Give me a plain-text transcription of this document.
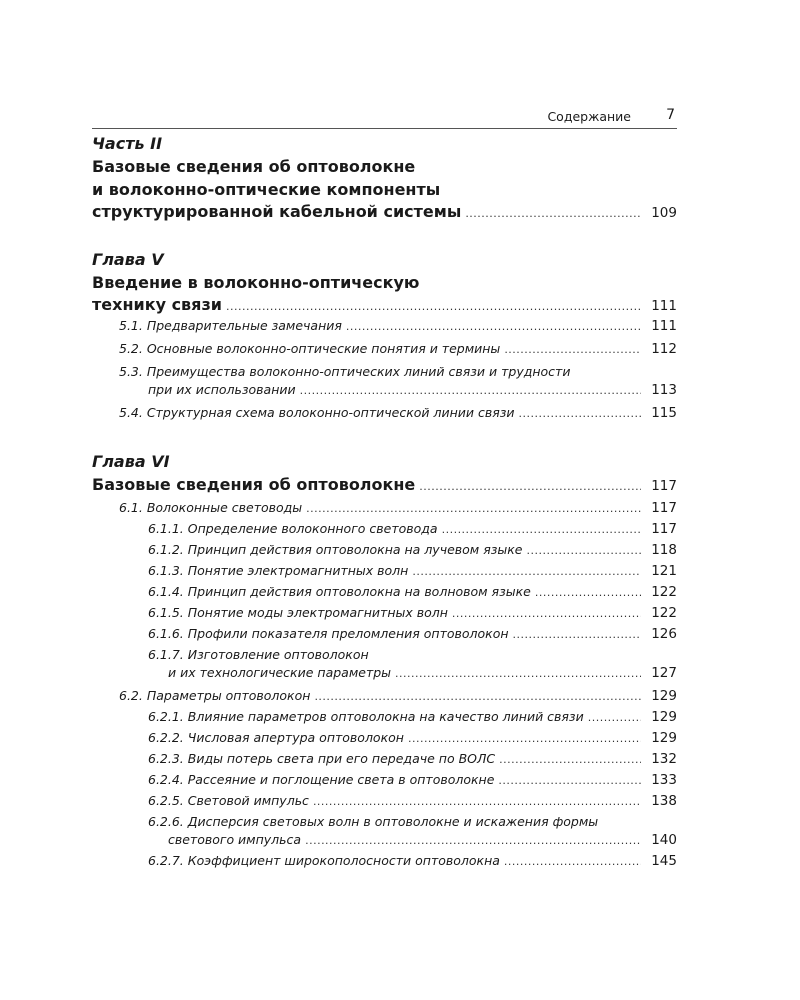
Содержание	7
Часть II
Базовые сведения об оптоволокне
и волоконно-оптические компоненты
структурированной кабельной системы .....	109
Глава V
Введение в волоконно-оптическую
технику связи .....	111
5.1. Предварительные замечания .....	111
5.2. Основные волоконно-оптические понятия и термины .....	112
5.3. Преимущества волоконно-оптических линий связи и трудности
при их использовании .....	113
5.4. Структурная схема волоконно-оптической линии связи .....	115
Глава VI
Базовые сведения об оптоволокне .....	117
6.1. Волоконные световоды .....	117
6.1.1. Определение волоконного световода .....	117
6.1.2. Принцип действия оптоволокна на лучевом языке .....	118
6.1.3. Понятие электромагнитных волн .....	121
6.1.4. Принцип действия оптоволокна на волновом языке .....	122
6.1.5. Понятие моды электромагнитных волн .....	122
6.1.6. Профили показателя преломления оптоволокон .....	126
6.1.7. Изготовление оптоволокон
и их технологические параметры .....	127
6.2. Параметры оптоволокон .....	129
6.2.1. Влияние параметров оптоволокна на качество линий связи .....	129
6.2.2. Числовая апертура оптоволокон .....	129
6.2.3. Виды потерь света при его передаче по ВОЛС .....	132
6.2.4. Рассеяние и поглощение света в оптоволокне .....	133
6.2.5. Световой импульс .....	138
6.2.6. Дисперсия световых волн в оптоволокне и искажения формы
светового импульса .....	140
6.2.7. Коэффициент широкополосности оптоволокна .....	145
